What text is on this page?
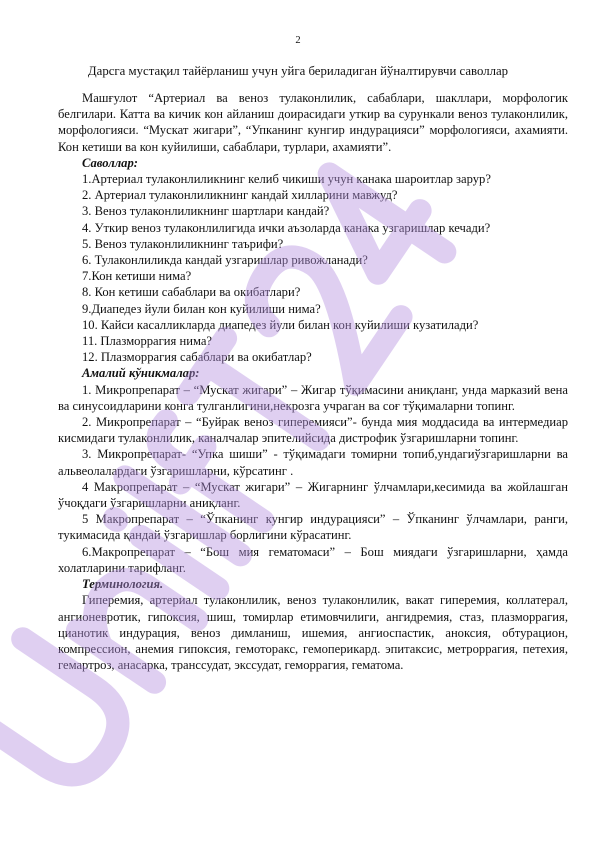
2
Дарсга мустақил тайёрланиш учун уйга бериладиган йўналтирувчи саволлар

Машғулот “Артериал ва веноз тулаконлилик, сабаблари, шакллари, морфологик белгилари. Катта ва кичик кон айланиш доирасидаги уткир ва сурункали веноз тулаконлилик, морфологияси. “Мускат жигари”, “Упканинг кунгир индурацияси” морфологияси, ахамияти. Кон кетиши ва кон куйилиши, сабаблари, турлари, ахамияти”.

Саволлар:

1.Артериал тулаконлиликнинг келиб чикиши учун канака шароитлар зарур?

2. Артериал тулаконлиликнинг кандай хилларини мавжуд?

3. Веноз тулаконлиликнинг шартлари кандай?

4. Уткир веноз тулаконлилигида ички аъзоларда канака узгаришлар кечади?

5. Веноз тулаконлиликнинг таърифи?

6. Тулаконлиликда кандай узгаришлар ривожланади?

7.Кон кетиши нима?

8. Кон кетиши сабаблари ва окибатлари?

9.Диапедез йули билан кон куйилиши нима?

10. Кайси касалликларда диапедез йули билан кон куйилиши кузатилади?

11. Плазморрагия нима?

12. Плазморрагия сабаблари ва окибатлар?

Амалий кўникмалар:

1. Микропрепарат – “Мускат жигари” – Жигар тўқимасини аниқланг, унда марказий вена ва синусоидларини конга тулганлигини,некрозга учраган ва соғ тўқималарни топинг.

2. Микропрепарат – “Буйрак веноз гиперемияси”- бунда мия моддасида ва интермедиар кисмидаги тулаконлилик, каналчалар эпителийсида дистрофик ўзгаришларни топинг.

3. Микропрепарат- “Упка шиши” - тўқимадаги томирни топиб,ундагиўзгаришларни ва альвеолалардаги ўзгаришларни, кўрсатинг .

4 Макропрепарат – “Мускат жигари” – Жигарнинг ўлчамлари,кесимида ва жойлашган ўчоқдаги ўзгаришларни аниқланг.

5 Макропрепарат – “Ўпканинг кунгир индурацияси” – Ўпканинг ўлчамлари, ранги, тукимасида қандай ўзгаришлар борлигини кўрасатинг.

6.Макропрепарат – “Бош мия гематомаси” – Бош миядаги ўзгаришларни, ҳамда холатларини тарифланг.

Терминология.

Гиперемия, артериал тулаконлилик, веноз тулаконлилик, вакат гиперемия, коллатерал, ангионевротик, гипоксия, шиш, томирлар етимовчилиги, ангидремия, стаз, плазморрагия, цианотик индурация, веноз димланиш, ишемия, ангиоспастик, аноксия, обтурацион, компрессион, анемия гипоксия, гемоторакс, гемоперикард. эпитаксис, метроррагия, петехия, гемартроз, анасарка, транссудат, экссудат, геморрагия, гематома.
